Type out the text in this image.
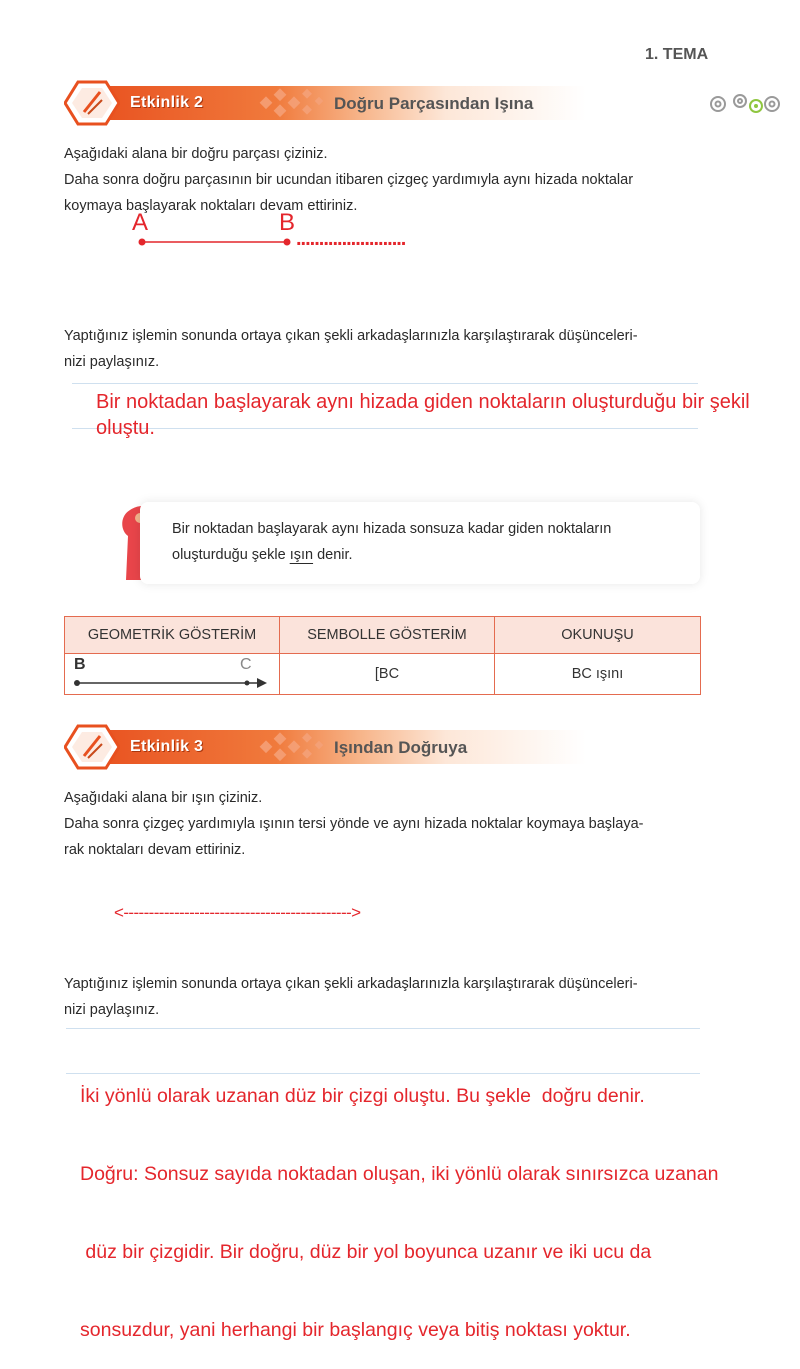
1. TEMA
Etkinlik 2	Doğru Parçasından Işına
Aşağıdaki alana bir doğru parçası çiziniz.
Daha sonra doğru parçasının bir ucundan itibaren çizgeç yardımıyla aynı hizada noktalar
koymaya başlayarak noktaları devam ettiriniz.
A	B
........................
Yaptığınız işlemin sonunda ortaya çıkan şekli arkadaşlarınızla karşılaştırarak düşünceleri-
nizi paylaşınız.
Bir noktadan başlayarak aynı hizada giden noktaların oluşturduğu bir şekil
oluştu.
Bir noktadan başlayarak aynı hizada sonsuza kadar giden noktaların
oluşturduğu şekle ışın denir.
GEOMETRİK GÖSTERİM	SEMBOLLE GÖSTERİM	OKUNUŞU

B C	[BC	BC ışını
Etkinlik 3	Işından Doğruya
Aşağıdaki alana bir ışın çiziniz.
Daha sonra çizgeç yardımıyla ışının tersi yönde ve aynı hizada noktalar koymaya başlaya-
rak noktaları devam ettiriniz.
<--------------------------------------------->
Yaptığınız işlemin sonunda ortaya çıkan şekli arkadaşlarınızla karşılaştırarak düşünceleri-
nizi paylaşınız.

İki yönlü olarak uzanan düz bir çizgi oluştu. Bu şekle  doğru denir.

Doğru: Sonsuz sayıda noktadan oluşan, iki yönlü olarak sınırsızca uzanan

düz bir çizgidir. Bir doğru, düz bir yol boyunca uzanır ve iki ucu da

sonsuzdur, yani herhangi bir başlangıç veya bitiş noktası yoktur.
